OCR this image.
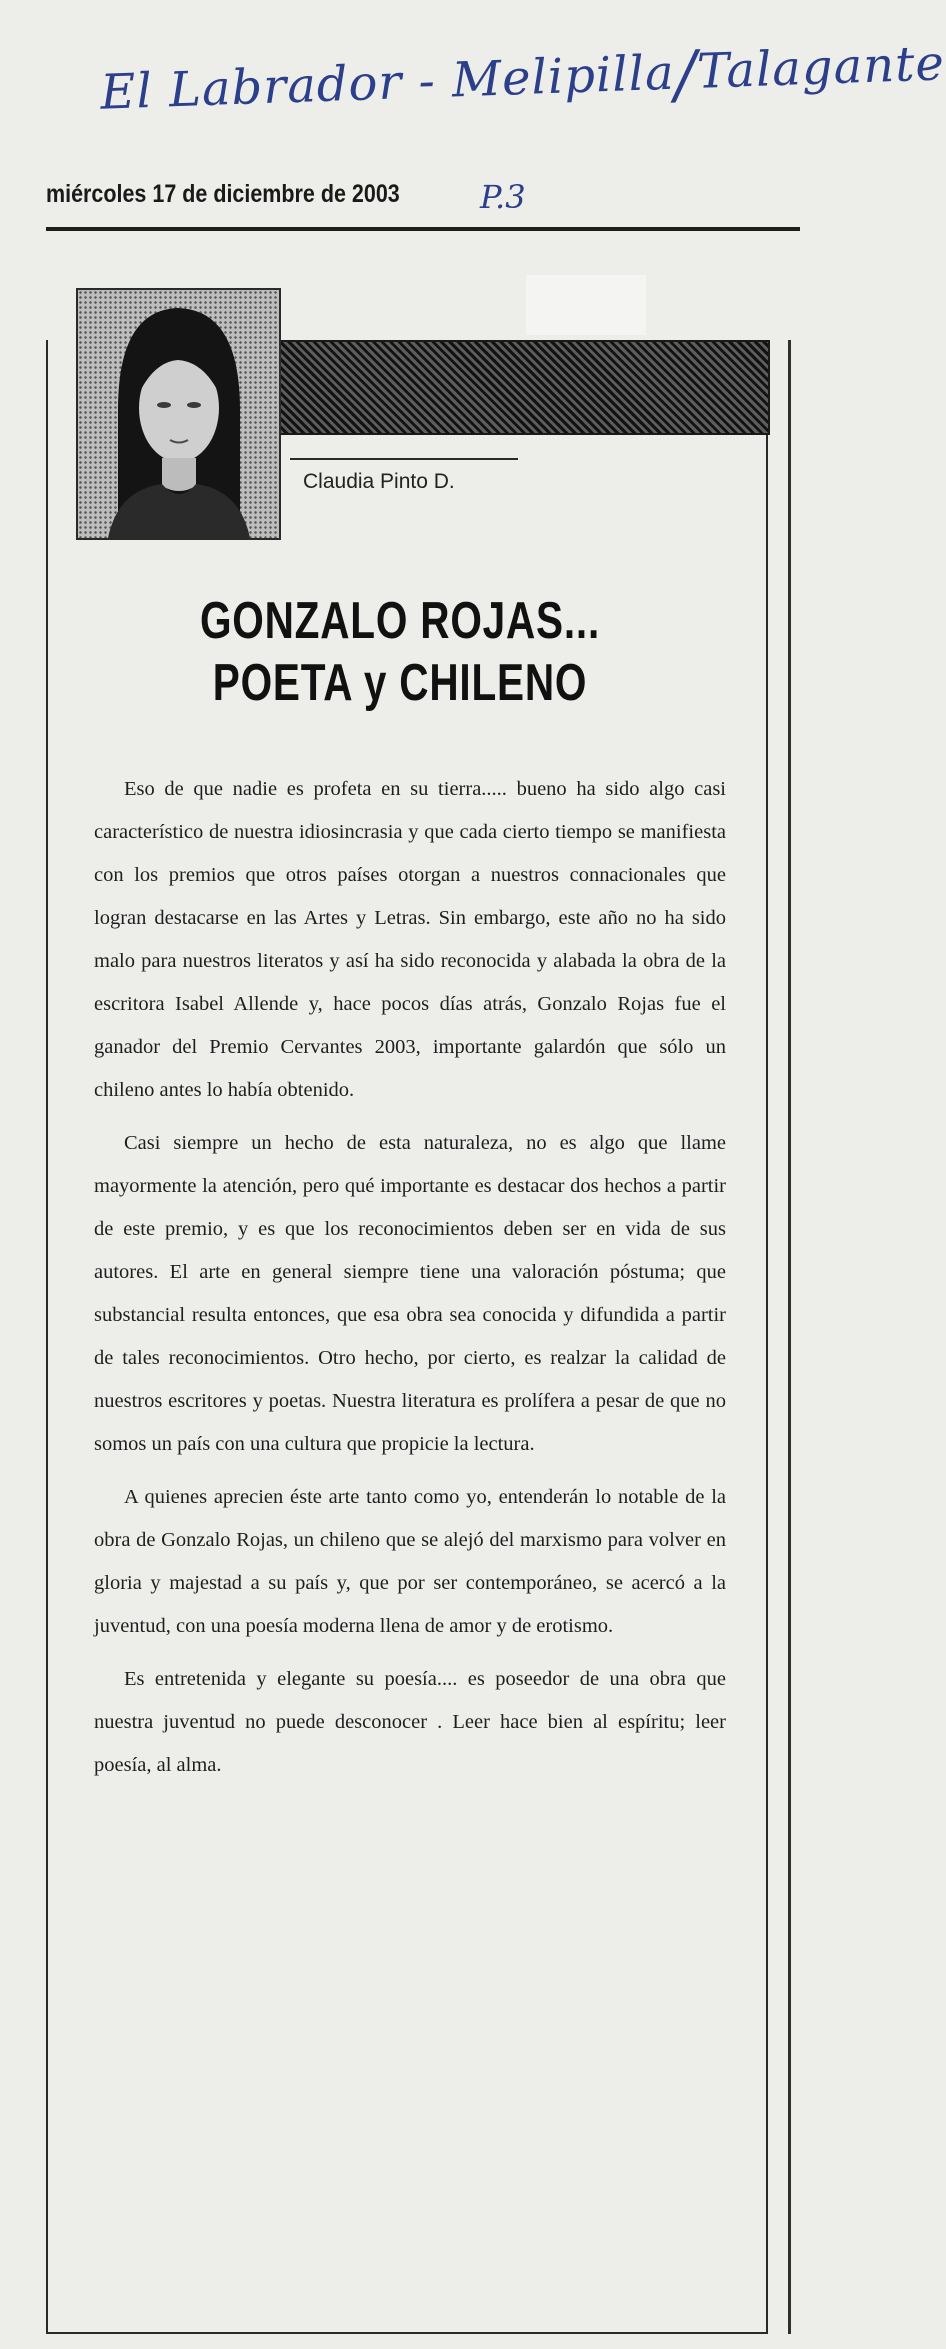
El Labrador - Melipilla/Talagante
miércoles 17 de diciembre de 2003	P.3
Claudia Pinto D.
GONZALO ROJAS...
POETA y CHILENO

Eso de que nadie es profeta en su tierra..... bueno ha sido algo casi característico de nuestra idiosincrasia y que cada cierto tiempo se manifiesta con los premios que otros países otorgan a nuestros connacionales que logran destacarse en las Artes y Letras. Sin embargo, este año no ha sido malo para nuestros literatos y así ha sido reconocida y alabada la obra de la escritora Isabel Allende y, hace pocos días atrás, Gonzalo Rojas fue el ganador del Premio Cervantes 2003, importante galardón que sólo un chileno antes lo había obtenido.

Casi siempre un hecho de esta naturaleza, no es algo que llame mayormente la atención, pero qué importante es destacar dos hechos a partir de este premio, y es que los reconocimientos deben ser en vida de sus autores. El arte en general siempre tiene una valoración póstuma; que substancial resulta entonces, que esa obra sea conocida y difundida a partir de tales reconocimientos. Otro hecho, por cierto, es realzar la calidad de nuestros escritores y poetas. Nuestra literatura es prolífera a pesar de que no somos un país con una cultura que propicie la lectura.

A quienes aprecien éste arte tanto como yo, entenderán lo notable de la obra de Gonzalo Rojas, un chileno que se alejó del marxismo para volver en gloria y majestad a su país y, que por ser contemporáneo, se acercó a la juventud, con una poesía moderna llena de amor y de erotismo.

Es entretenida y elegante su poesía.... es poseedor de una obra que nuestra juventud no puede desconocer . Leer hace bien al espíritu; leer poesía, al alma.
